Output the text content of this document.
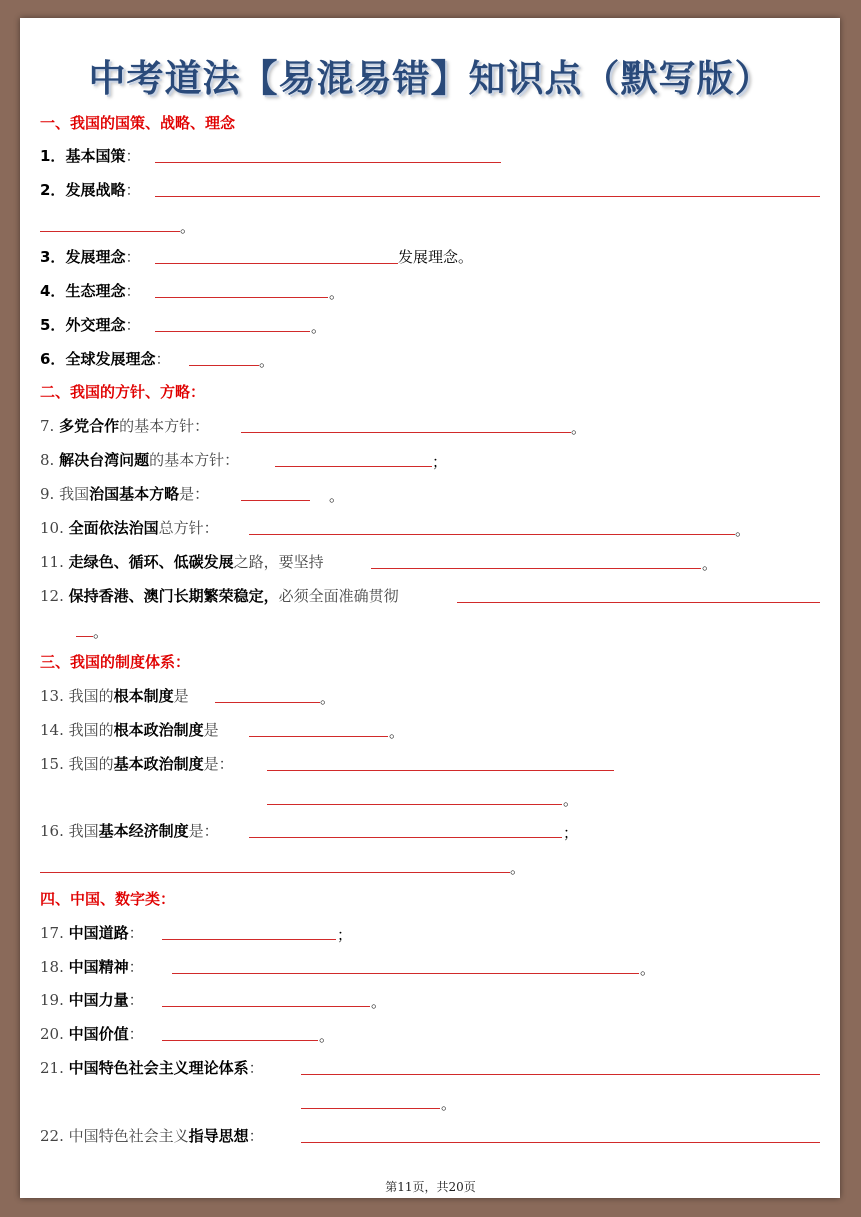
中考道法【易混易错】知识点（默写版）
一、我国的国策、战略、理念
1．基本国策：
2．发展战略：
。
3．发展理念：	发展理念。
4．生态理念：	。
5．外交理念：	。
6．全球发展理念：	。
二、我国的方针、方略：
7. 多党合作的基本方针：	。
8. 解决台湾问题的基本方针：	；
9. 我国治国基本方略是：	。
10. 全面依法治国总方针：	。
11. 走绿色、循环、低碳发展之路，要坚持	。
12. 保持香港、澳门长期繁荣稳定，必须全面准确贯彻
。
三、我国的制度体系：
13. 我国的根本制度是	。
14. 我国的根本政治制度是	。
15. 我国的基本政治制度是：
。
16. 我国基本经济制度是：	；
。
四、中国、数字类：
17. 中国道路：	；
18. 中国精神：	。
19. 中国力量：	。
20. 中国价值：	。
21. 中国特色社会主义理论体系：
。
22. 中国特色社会主义指导思想：
第11页，共20页
